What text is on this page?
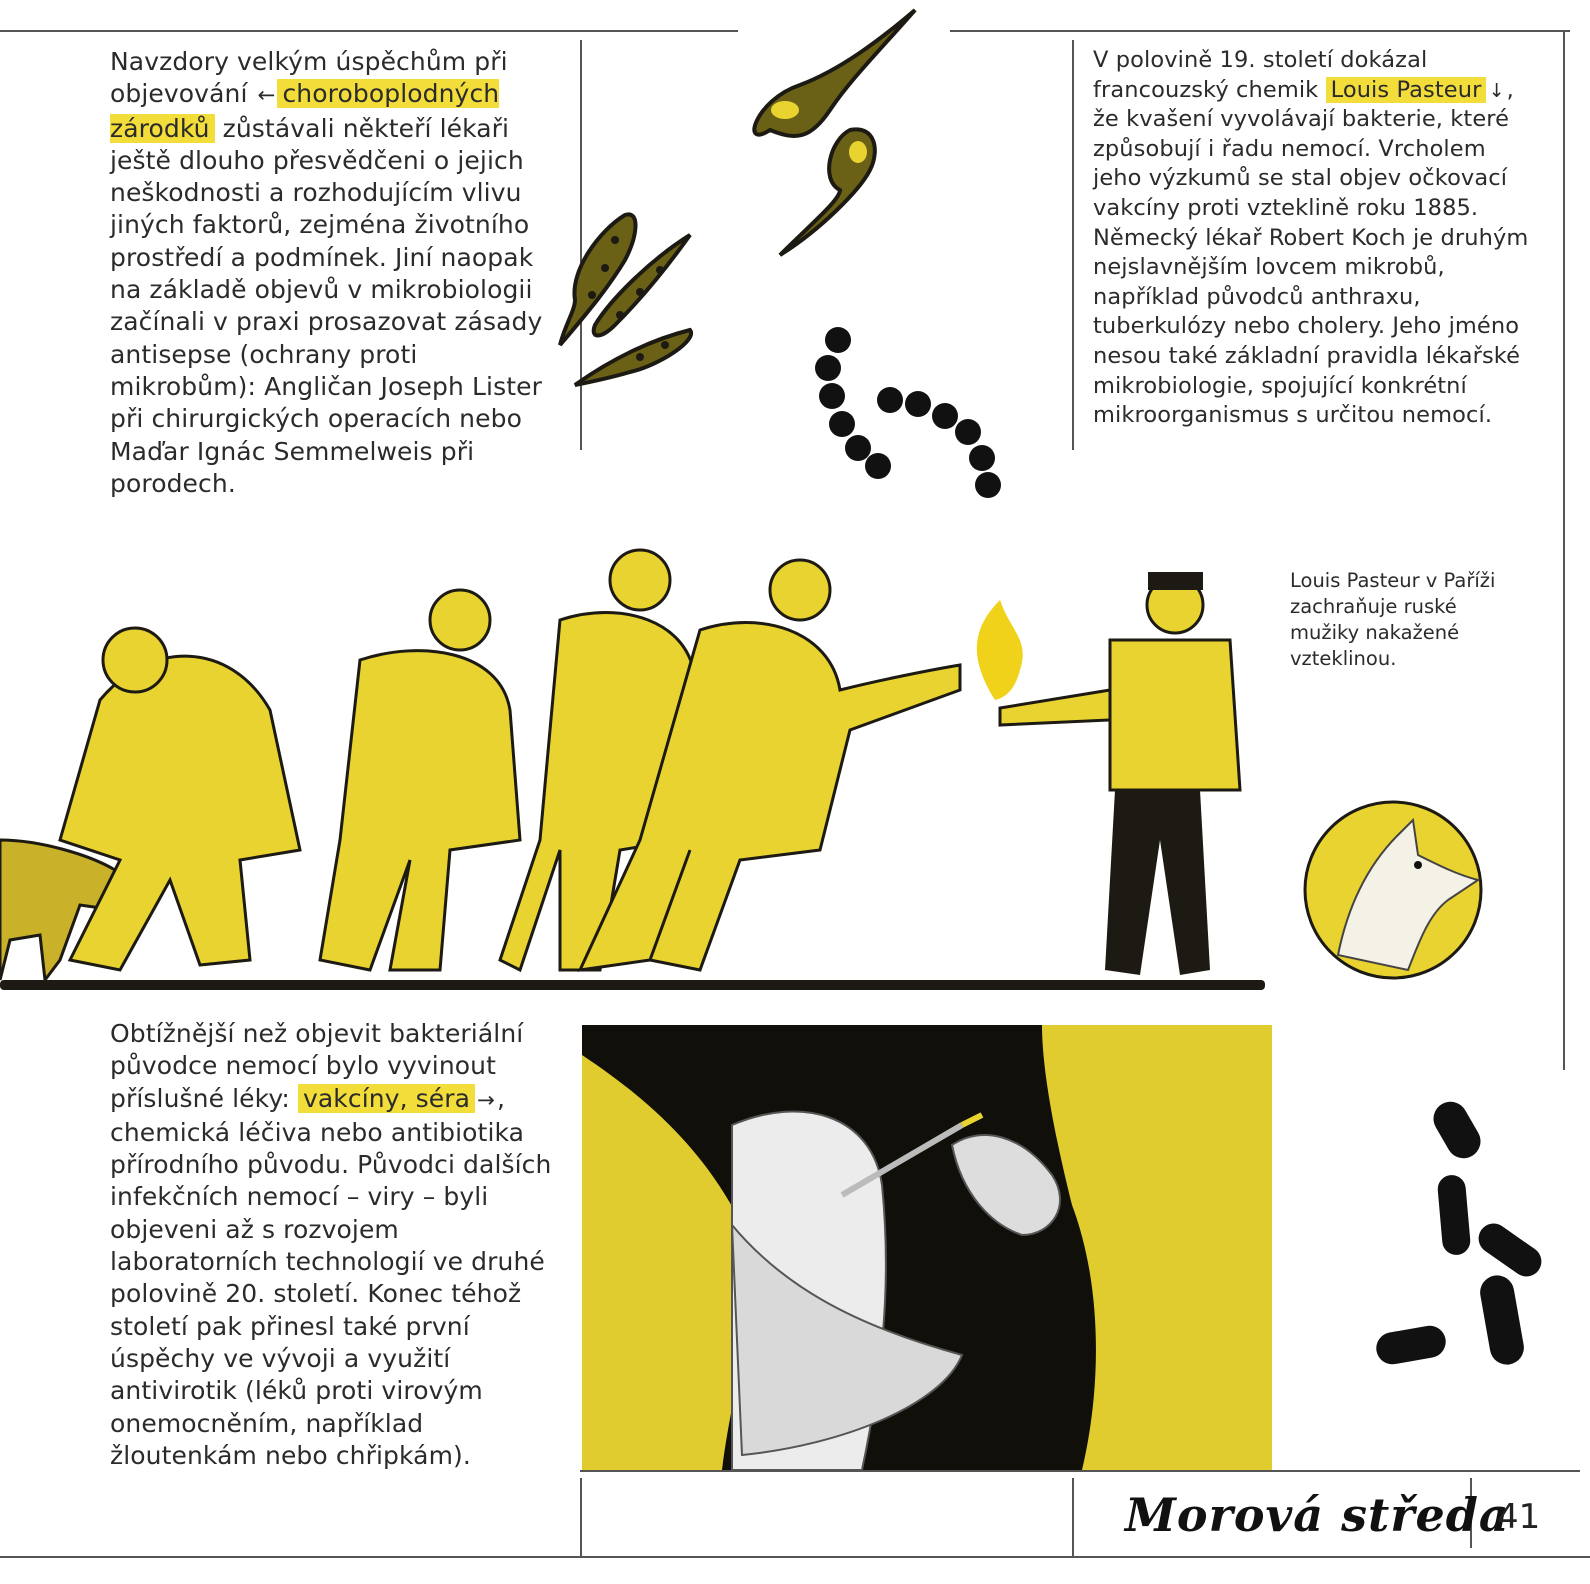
Navzdory velkým úspěchům při objevování ← choroboplodných zárodků zůstávali někteří lékaři ještě dlouho přesvědčeni o jejich neškodnosti a rozhodujícím vlivu jiných faktorů, zejména životního prostředí a podmínek. Jiní naopak na základě objevů v mikrobiologii začínali v praxi prosazovat zásady antisepse (ochrany proti mikrobům): Angličan Joseph Lister při chirurgických operacích nebo Maďar Ignác Semmelweis při porodech.
V polovině 19. století dokázal francouzský chemik Louis Pasteur ↓, že kvašení vyvolávají bakterie, které způsobují i řadu nemocí. Vrcholem jeho výzkumů se stal objev očkovací vakcíny proti vzteklině roku 1885. Německý lékař Robert Koch je druhým nejslavnějším lovcem mikrobů, například původců anthraxu, tuberkulózy nebo cholery. Jeho jméno nesou také základní pravidla lékařské mikrobiologie, spojující konkrétní mikroorganismus s určitou nemocí.
Obtížnější než objevit bakteriální původce nemocí bylo vyvinout příslušné léky: vakcíny, séra →, chemická léčiva nebo antibiotika přírodního původu. Původci dalších infekčních nemocí – viry – byli objeveni až s rozvojem laboratorních technologií ve druhé polovině 20. století. Konec téhož století pak přinesl také první úspěchy ve vývoji a využití antivirotik (léků proti virovým onemocněním, například žloutenkám nebo chřipkám).
Louis Pasteur v Paříži zachraňuje ruské mužiky nakažené vzteklinou.
Morová středa
41
